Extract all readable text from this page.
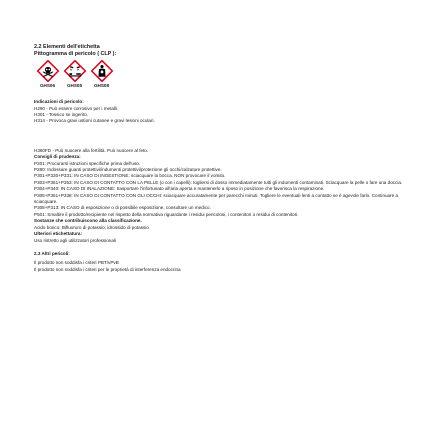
2.2 Elementi dell'etichetta
Pittogramma di pericolo ( CLP ):
GHS06	GHS05	GHS08
Indicazioni di pericolo:
H290 - Può essere corrosivo per i metalli.
H301 - Tossico se ingerito.
H314 - Provoca gravi ustioni cutanee e gravi lesioni oculari.
H360FD - Può nuocere alla fertilità. Può nuocere al feto.
Consigli di prudenza:
P201: Procurarsi istruzioni specifiche prima dell'uso.
P280: Indossare guanti protettivi/indumenti protettivi/protezione gli occhi/calzature protettive.
P301+P330+P331: IN CASO DI INGESTIONE: sciacquare la bocca. NON provocare il vomito.
P303+P361+P353: IN CASO DI CONTATTO CON LA PELLE (o con i capelli): togliersi di dosso immediatamente tutti gli indumenti contaminati. Sciacquare la pelle o fare una doccia.
P304+P340: IN CASO DI INALAZIONE: trasportare l'infortunato all'aria aperta e mantenerlo a riposo in posizione che favorisca la respirazione.
P305+P351+P338: IN CASO DI CONTATTO CON GLI OCCHI: sciacquare accuratamente per parecchi minuti. Togliere le eventuali lenti a contatto se è agevole farlo. Continuare a sciacquare.
P308+P313: IN CASO di esposizione o di possibile esposizione, consultare un medico.
P501: Smaltire il prodotto/recipiente nel rispetto della normativa riguardante i residui pericolosi, i contenitori o residui di contenitori.
Sostanze che contribuiscono alla classificazione.
Acido borico; Bifluoruro di potassio; idrossido di potassio
Ulteriori etichettatura:
Uso ristretto agli utilizzatori professionali
2.3 Altri pericoli:
Il prodotto non soddisfa i criteri PBT/vPvB
Il prodotto non soddisfa i criteri per le proprietà di interferenza endocrina
